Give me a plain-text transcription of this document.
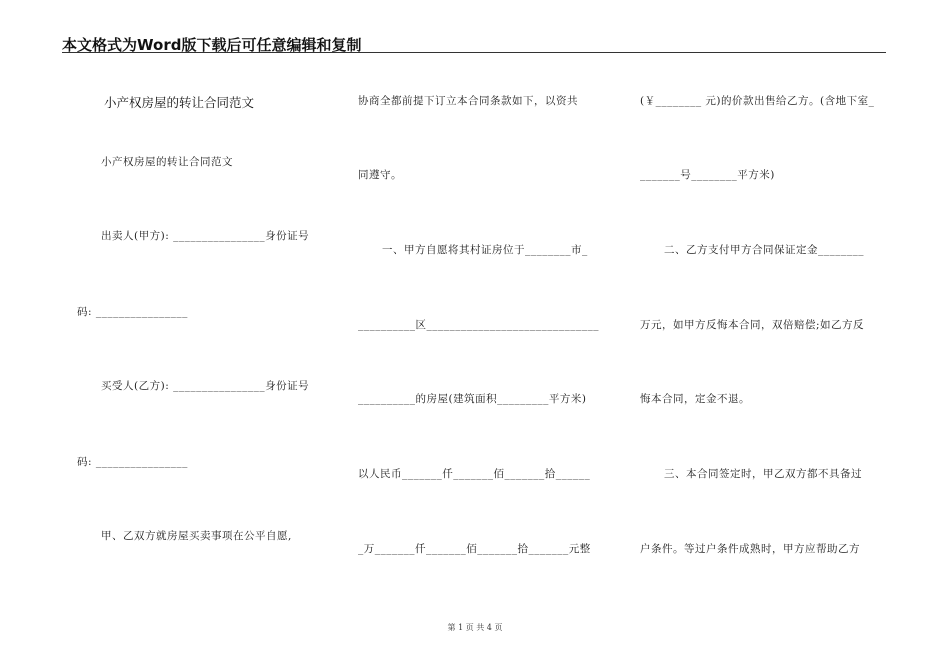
本文格式为Word版下载后可任意编辑和复制
小产权房屋的转让合同范文
小产权房屋的转让合同范文
出卖人(甲方): ________________身份证号
码: ________________
买受人(乙方): ________________身份证号
码: ________________
甲、乙双方就房屋买卖事项在公平自愿,
协商全都前提下订立本合同条款如下，以资共
同遵守。
一、甲方自愿将其村证房位于________市_
__________区______________________________
__________的房屋(建筑面积_________平方米)
以人民币_______仟_______佰_______拾______
_万_______仟_______佰_______拾_______元整
(￥________ 元)的价款出售给乙方。(含地下室_
_______号________平方米)
二、乙方支付甲方合同保证定金________
万元，如甲方反悔本合同，双倍赔偿;如乙方反
悔本合同，定金不退。
三、本合同签定时，甲乙双方都不具备过
户条件。等过户条件成熟时，甲方应帮助乙方
第 1 页 共 4 页
